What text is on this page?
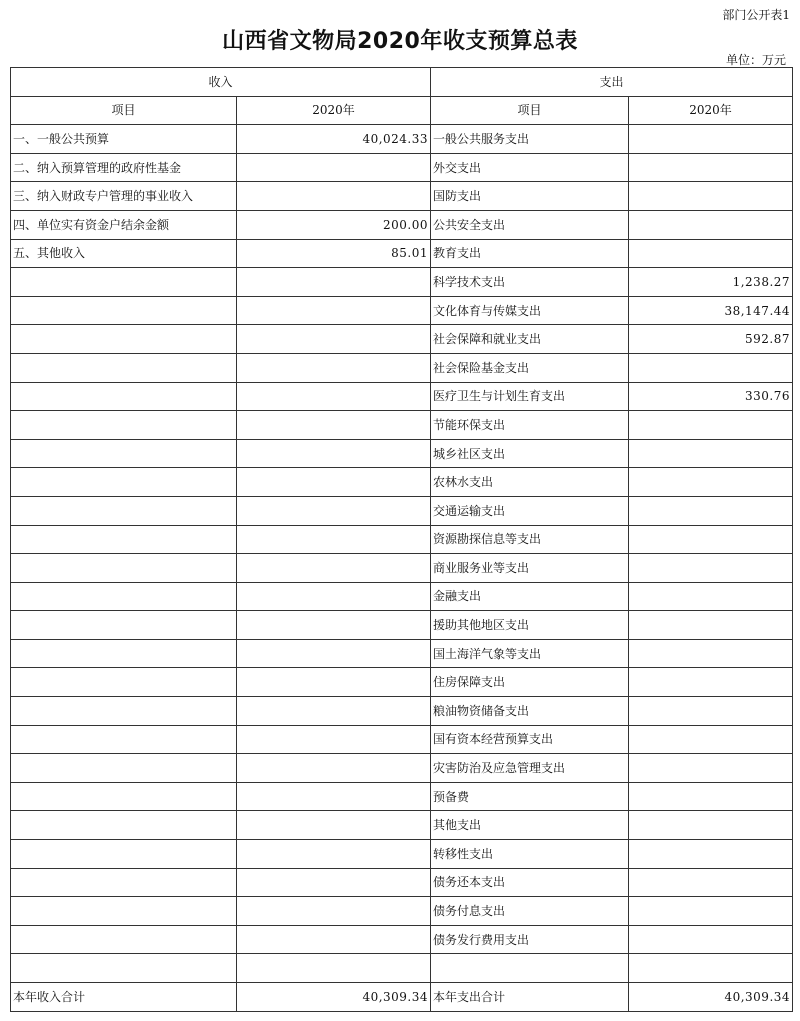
部门公开表1
山西省文物局2020年收支预算总表
单位：万元
收入		支出	
项目	2020年	项目	2020年
一、一般公共预算	40,024.33	一般公共服务支出	
二、纳入预算管理的政府性基金		外交支出	
三、纳入财政专户管理的事业收入		国防支出	
四、单位实有资金户结余金额	200.00	公共安全支出	
五、其他收入	85.01	教育支出	
		科学技术支出	1,238.27
		文化体育与传媒支出	38,147.44
		社会保障和就业支出	592.87
		社会保险基金支出	
		医疗卫生与计划生育支出	330.76
		节能环保支出	
		城乡社区支出	
		农林水支出	
		交通运输支出	
		资源勘探信息等支出	
		商业服务业等支出	
		金融支出	
		援助其他地区支出	
		国土海洋气象等支出	
		住房保障支出	
		粮油物资储备支出	
		国有资本经营预算支出	
		灾害防治及应急管理支出	
		预备费	
		其他支出	
		转移性支出	
		债务还本支出	
		债务付息支出	
		债务发行费用支出	

本年收入合计	40,309.34	本年支出合计	40,309.34
